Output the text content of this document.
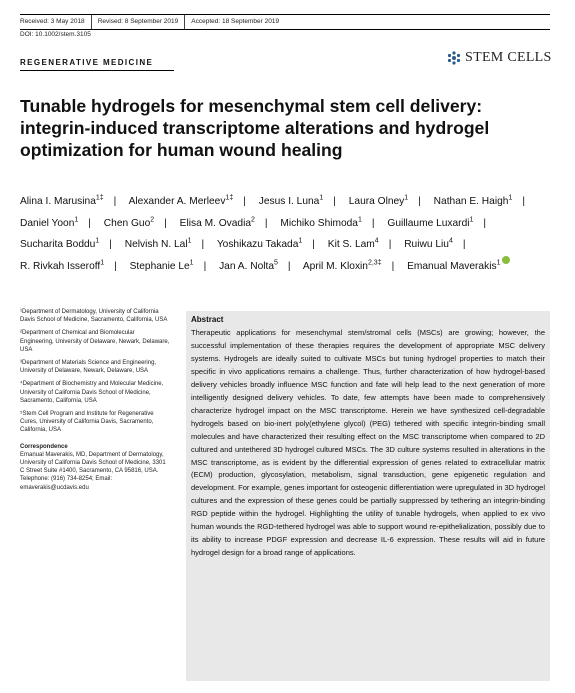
Received: 3 May 2018 Revised: 8 September 2019 Accepted: 18 September 2019
DOI: 10.1002/stem.3105
REGENERATIVE MEDICINE	STEM CELLS
Tunable hydrogels for mesenchymal stem cell delivery: integrin-induced transcriptome alterations and hydrogel optimization for human wound healing
Alina I. Marusina$^{1\ddagger}$ | Alexander A. Merleev$^{1\ddagger}$ | Jesus I. Luna$^1$ | Laura Olney$^1$ | Nathan E. Haigh$^1$ | Daniel Yoon$^1$ | Chen Guo$^2$ | Elisa M. Ovadia$^2$ | Michiko Shimoda$^1$ | Guillaume Luxardi$^1$ | Sucharita Boddu$^1$ | Nelvish N. Lal$^1$ | Yoshikazu Takada$^1$ | Kit S. Lam$^4$ | Ruiwu Liu$^4$ | R. Rivkah Isseroff$^1$ | Stephanie Le$^1$ | Jan A. Nolta$^5$ | April M. Kloxin$^{2,3\ddagger}$ | Emanual Maverakis$^1$
¹Department of Dermatology, University of California Davis School of Medicine, Sacramento, California, USA
²Department of Chemical and Biomolecular Engineering, University of Delaware, Newark, Delaware, USA
³Department of Materials Science and Engineering, University of Delaware, Newark, Delaware, USA
⁴Department of Biochemistry and Molecular Medicine, University of California Davis School of Medicine, Sacramento, California, USA
⁵Stem Cell Program and Institute for Regenerative Cures, University of California Davis, Sacramento, California, USA
Correspondence
Emanual Maverakis, MD, Department of Dermatology, University of California Davis School of Medicine, 3301 C Street Suite #1400, Sacramento, CA 95816, USA. Telephone: (916) 734-8254; Email: emaverakis@ucdavis.edu
Abstract
Therapeutic applications for mesenchymal stem/stromal cells (MSCs) are growing; however, the successful implementation of these therapies requires the development of appropriate MSC delivery systems. Hydrogels are ideally suited to cultivate MSCs but tuning hydrogel properties to match their specific in vivo applications remains a challenge. Thus, further characterization of how hydrogel-based delivery vehicles broadly influence MSC function and fate will help lead to the next generation of more intelligently designed delivery vehicles. To date, few attempts have been made to comprehensively characterize hydrogel impact on the MSC transcriptome. Herein we have synthesized cell-degradable hydrogels based on bio-inert poly(ethylene glycol) (PEG) tethered with specific integrin-binding small molecules and have characterized their resulting effect on the MSC transcriptome when compared to 2D cultured and untethered 3D hydrogel cultured MSCs. The 3D culture systems resulted in alterations in the MSC transcriptome, as is evident by the differential expression of genes related to extracellular matrix (ECM) production, glycosylation, metabolism, signal transduction, gene epigenetic regulation and development. For example, genes important for osteogenic differentiation were upregulated in 3D hydrogel cultures and the expression of these genes could be partially suppressed by tethering an integrin-binding RGD peptide within the hydrogel. Highlighting the utility of tunable hydrogels, when applied to ex vivo human wounds the RGD-tethered hydrogel was able to support wound re-epithelialization, possibly due to its ability to increase PDGF expression and decrease IL-6 expression. These results will aid in future hydrogel design for a broad range of applications.
